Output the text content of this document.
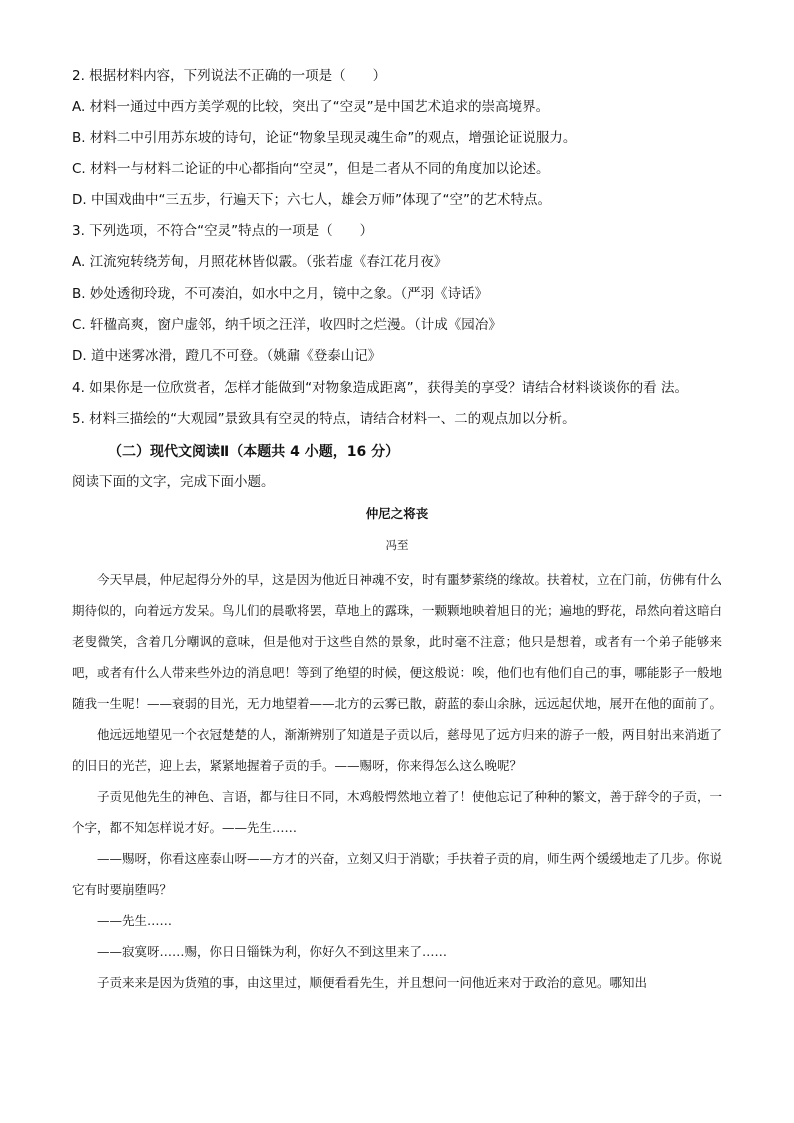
2. 根据材料内容，下列说法不正确的一项是（　　）
A. 材料一通过中西方美学观的比较，突出了“空灵”是中国艺术追求的崇高境界。
B. 材料二中引用苏东坡的诗句，论证“物象呈现灵魂生命”的观点，增强论证说服力。
C. 材料一与材料二论证的中心都指向“空灵”，但是二者从不同的角度加以论述。
D. 中国戏曲中“三五步，行遍天下；六七人，雄会万师”体现了“空”的艺术特点。
3. 下列选项，不符合“空灵”特点的一项是（　　）
A. 江流宛转绕芳甸，月照花林皆似霰。（张若虚《春江花月夜》
B. 妙处透彻玲珑，不可凑泊，如水中之月，镜中之象。（严羽《诗话》
C. 轩楹高爽，窗户虚邻，纳千顷之汪洋，收四时之烂漫。（计成《园冶》
D. 道中迷雾冰滑，蹬几不可登。（姚鼐《登泰山记》
4. 如果你是一位欣赏者，怎样才能做到“对物象造成距离”，获得美的享受？请结合材料谈谈你的看 法。
5. 材料三描绘的“大观园”景致具有空灵的特点，请结合材料一、二的观点加以分析。
（二）现代文阅读Ⅱ（本题共 4 小题，16 分）
阅读下面的文字，完成下面小题。
仲尼之将丧
冯至

今天早晨，仲尼起得分外的早，这是因为他近日神魂不安，时有噩梦萦绕的缘故。扶着杖，立在门前，仿佛有什么期待似的，向着远方发呆。鸟儿们的晨歌将罢，草地上的露珠，一颗颗地映着旭日的光；遍地的野花，昂然向着这暗白老叟微笑，含着几分嘲讽的意味，但是他对于这些自然的景象，此时毫不注意；他只是想着，或者有一个弟子能够来吧，或者有什么人带来些外边的消息吧！等到了绝望的时候，便这般说：唉，他们也有他们自己的事，哪能影子一般地随我一生呢！——衰弱的目光，无力地望着——北方的云雾已散，蔚蓝的泰山余脉，远远起伏地，展开在他的面前了。

他远远地望见一个衣冠楚楚的人，渐渐辨别了知道是子贡以后，慈母见了远方归来的游子一般，两目射出来消逝了的旧日的光芒，迎上去，紧紧地握着子贡的手。——赐呀，你来得怎么这么晚呢？

子贡见他先生的神色、言语，都与往日不同，木鸡般愕然地立着了！使他忘记了种种的繁文，善于辞令的子贡，一个字，都不知怎样说才好。——先生……

——赐呀，你看这座泰山呀——方才的兴奋，立刻又归于消歇；手扶着子贡的肩，师生两个缓缓地走了几步。你说它有时要崩堕吗？

——先生……

——寂寞呀……赐，你日日锱铢为利，你好久不到这里来了……

子贡来来是因为货殖的事，由这里过，顺便看看先生，并且想问一问他近来对于政治的意见。哪知出
